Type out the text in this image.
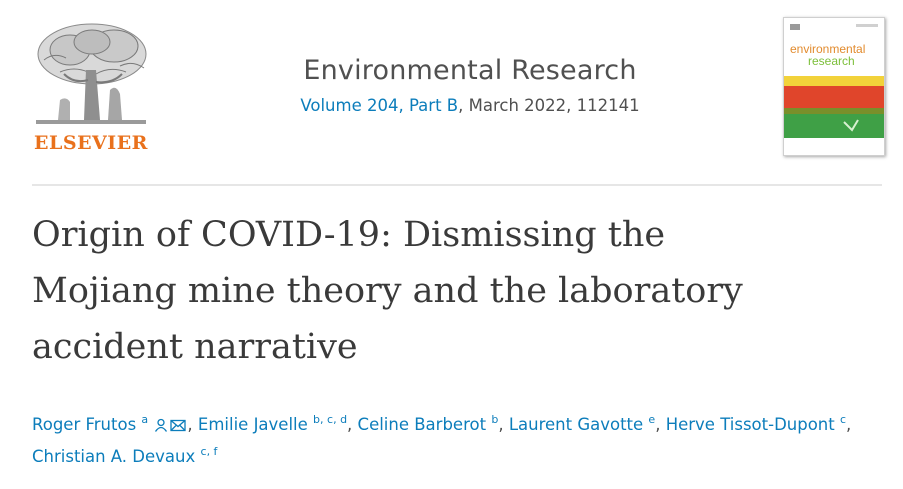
ELSEVIER
Environmental Research
Volume 204, Part B, March 2022, 112141
environmental
research
Origin of COVID-19: Dismissing the
Mojiang mine theory and the laboratory
accident narrative
Roger Frutos $^a$ , Emilie Javelle $^{b, c, d}$, Celine Barberot $^b$, Laurent Gavotte $^e$, Herve Tissot-Dupont $^c$, Christian A. Devaux $^{c, f}$
